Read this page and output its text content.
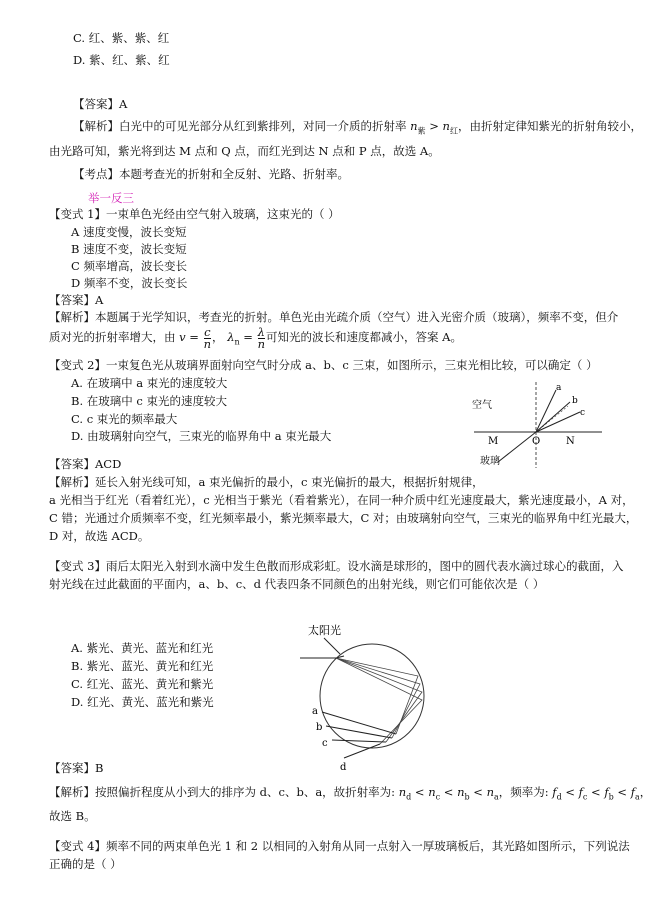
C. 红、紫、紫、红
D. 紫、红、紫、红
【答案】A
【解析】白光中的可见光部分从红到紫排列，对同一介质的折射率 $n_紫 > n_红$，由折射定律知紫光的折射角较小，
由光路可知，紫光将到达 M 点和 Q 点，而红光到达 N 点和 P 点，故选 A。
【考点】本题考查光的折射和全反射、光路、折射率。
举一反三
【变式 1】一束单色光经由空气射入玻璃，这束光的（ ）
A 速度变慢，波长变短
B 速度不变，波长变短
C 频率增高，波长变长
D 频率不变，波长变长
【答案】A
【解析】本题属于光学知识，考查光的折射。单色光由光疏介质（空气）进入光密介质（玻璃），频率不变，但介
质对光的折射率增大，由 $v = \frac{c}{n}$ ， $\lambda_n = \frac{\lambda}{n}$ 可知光的波长和速度都减小，答案 A。
【变式 2】一束复色光从玻璃界面射向空气时分成 a、b、c 三束，如图所示，三束光相比较，可以确定（ ）
A. 在玻璃中 a 束光的速度较大
B. 在玻璃中 c 束光的速度较大
C. c 束光的频率最大
D. 由玻璃射向空气，三束光的临界角中 a 束光最大
a
b
c
空气
M	O	N
玻璃
【答案】ACD
【解析】延长入射光线可知，a 束光偏折的最小，c 束光偏折的最大，根据折射规律，
a 光相当于红光（看着红光），c 光相当于紫光（看着紫光），在同一种介质中红光速度最大，紫光速度最小，A 对，
C 错；光通过介质频率不变，红光频率最小，紫光频率最大，C 对；由玻璃射向空气，三束光的临界角中红光最大，
D 对，故选 ACD。
【变式 3】雨后太阳光入射到水滴中发生色散而形成彩虹。设水滴是球形的，图中的圆代表水滴过球心的截面，入
射光线在过此截面的平面内，a、b、c、d 代表四条不同颜色的出射光线，则它们可能依次是（ ）
A. 紫光、黄光、蓝光和红光
B. 紫光、蓝光、黄光和红光
C. 红光、蓝光、黄光和紫光
D. 红光、黄光、蓝光和紫光
太阳光
a
b
c
d
【答案】B
【解析】按照偏折程度从小到大的排序为 d、c、b、a，故折射率为: $n_d < n_c < n_b < n_a$，频率为: $f_d < f_c < f_b < f_a$，
故选 B。
【变式 4】频率不同的两束单色光 1 和 2 以相同的入射角从同一点射入一厚玻璃板后，其光路如图所示，下列说法
正确的是（ ）
